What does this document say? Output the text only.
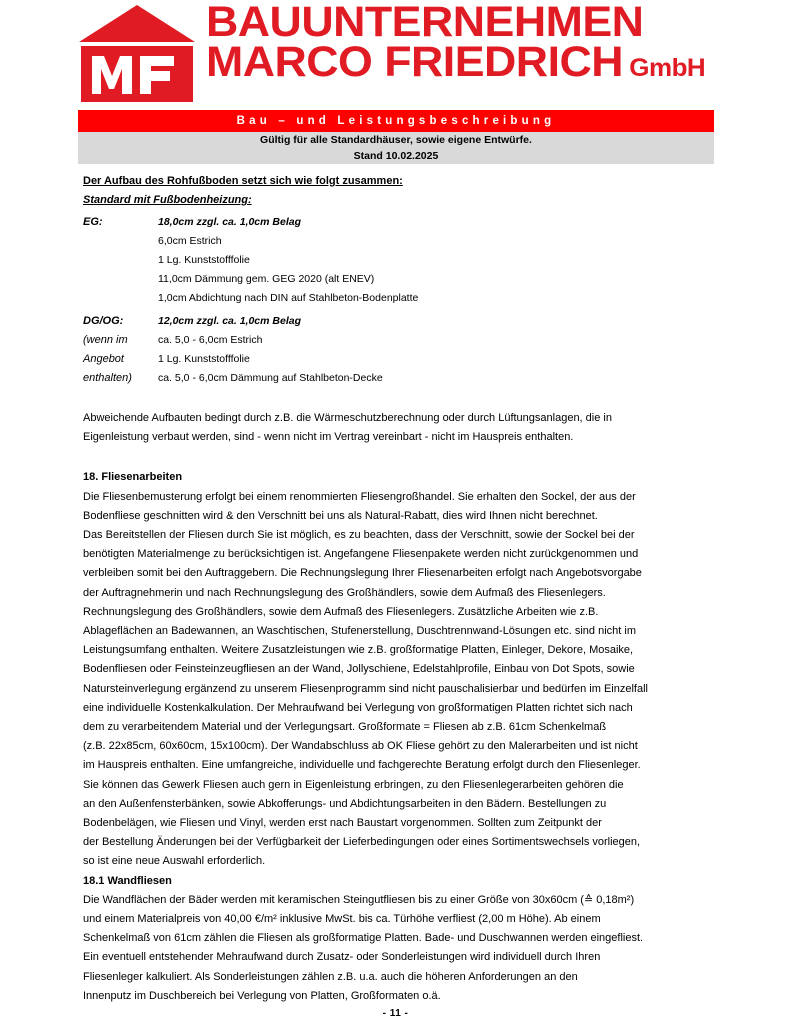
BAUUNTERNEHMEN
MARCO FRIEDRICH GmbH
Bau – und Leistungsbeschreibung
Gültig für alle Standardhäuser, sowie eigene Entwürfe.
Stand 10.02.2025
Der Aufbau des Rohfußboden setzt sich wie folgt zusammen:
Standard mit Fußbodenheizung:
EG:	18,0cm zzgl. ca. 1,0cm Belag
6,0cm Estrich
1 Lg. Kunststofffolie
11,0cm Dämmung gem. GEG 2020 (alt ENEV)
1,0cm Abdichtung nach DIN auf Stahlbeton-Bodenplatte
DG/OG:	12,0cm zzgl. ca. 1,0cm Belag
(wenn im	ca. 5,0 - 6,0cm Estrich
Angebot	1 Lg. Kunststofffolie
enthalten)	ca. 5,0 - 6,0cm Dämmung auf Stahlbeton-Decke

Abweichende Aufbauten bedingt durch z.B. die Wärmeschutzberechnung oder durch Lüftungsanlagen, die in
Eigenleistung verbaut werden, sind - wenn nicht im Vertrag vereinbart - nicht im Hauspreis enthalten.

18. Fliesenarbeiten

Die Fliesenbemusterung erfolgt bei einem renommierten Fliesengroßhandel. Sie erhalten den Sockel, der aus der
Bodenfliese geschnitten wird & den Verschnitt bei uns als Natural-Rabatt, dies wird Ihnen nicht berechnet.
Das Bereitstellen der Fliesen durch Sie ist möglich, es zu beachten, dass der Verschnitt, sowie der Sockel bei der
benötigten Materialmenge zu berücksichtigen ist. Angefangene Fliesenpakete werden nicht zurückgenommen und
verbleiben somit bei den Auftraggebern. Die Rechnungslegung Ihrer Fliesenarbeiten erfolgt nach Angebotsvorgabe
der Auftragnehmerin und nach Rechnungslegung des Großhändlers, sowie dem Aufmaß des Fliesenlegers.
Rechnungslegung des Großhändlers, sowie dem Aufmaß des Fliesenlegers. Zusätzliche Arbeiten wie z.B.
Ablageflächen an Badewannen, an Waschtischen, Stufenerstellung, Duschtrennwand-Lösungen etc. sind nicht im
Leistungsumfang enthalten. Weitere Zusatzleistungen wie z.B. großformatige Platten, Einleger, Dekore, Mosaike,
Bodenfliesen oder Feinsteinzeugfliesen an der Wand, Jollyschiene, Edelstahlprofile, Einbau von Dot Spots, sowie
Natursteinverlegung ergänzend zu unserem Fliesenprogramm sind nicht pauschalisierbar und bedürfen im Einzelfall
eine individuelle Kostenkalkulation. Der Mehraufwand bei Verlegung von großformatigen Platten richtet sich nach
dem zu verarbeitendem Material und der Verlegungsart. Großformate = Fliesen ab z.B. 61cm Schenkelmaß
(z.B. 22x85cm, 60x60cm, 15x100cm). Der Wandabschluss ab OK Fliese gehört zu den Malerarbeiten und ist nicht
im Hauspreis enthalten. Eine umfangreiche, individuelle und fachgerechte Beratung erfolgt durch den Fliesenleger.
Sie können das Gewerk Fliesen auch gern in Eigenleistung erbringen, zu den Fliesenlegerarbeiten gehören die
an den Außenfensterbänken, sowie Abkofferungs- und Abdichtungsarbeiten in den Bädern. Bestellungen zu
Bodenbelägen, wie Fliesen und Vinyl, werden erst nach Baustart vorgenommen. Sollten zum Zeitpunkt der
der Bestellung Änderungen bei der Verfügbarkeit der Lieferbedingungen oder eines Sortimentswechsels vorliegen,
so ist eine neue Auswahl erforderlich.

18.1 Wandfliesen

Die Wandflächen der Bäder werden mit keramischen Steingutfliesen bis zu einer Größe von 30x60cm (≙ 0,18m²)
und einem Materialpreis von 40,00 €/m² inklusive MwSt. bis ca. Türhöhe verfliest (2,00 m Höhe). Ab einem
Schenkelmaß von 61cm zählen die Fliesen als großformatige Platten. Bade- und Duschwannen werden eingefliest.
Ein eventuell entstehender Mehraufwand durch Zusatz- oder Sonderleistungen wird individuell durch Ihren
Fliesenleger kalkuliert. Als Sonderleistungen zählen z.B. u.a. auch die höheren Anforderungen an den
Innenputz im Duschbereich bei Verlegung von Platten, Großformaten o.ä.

- 11 -
